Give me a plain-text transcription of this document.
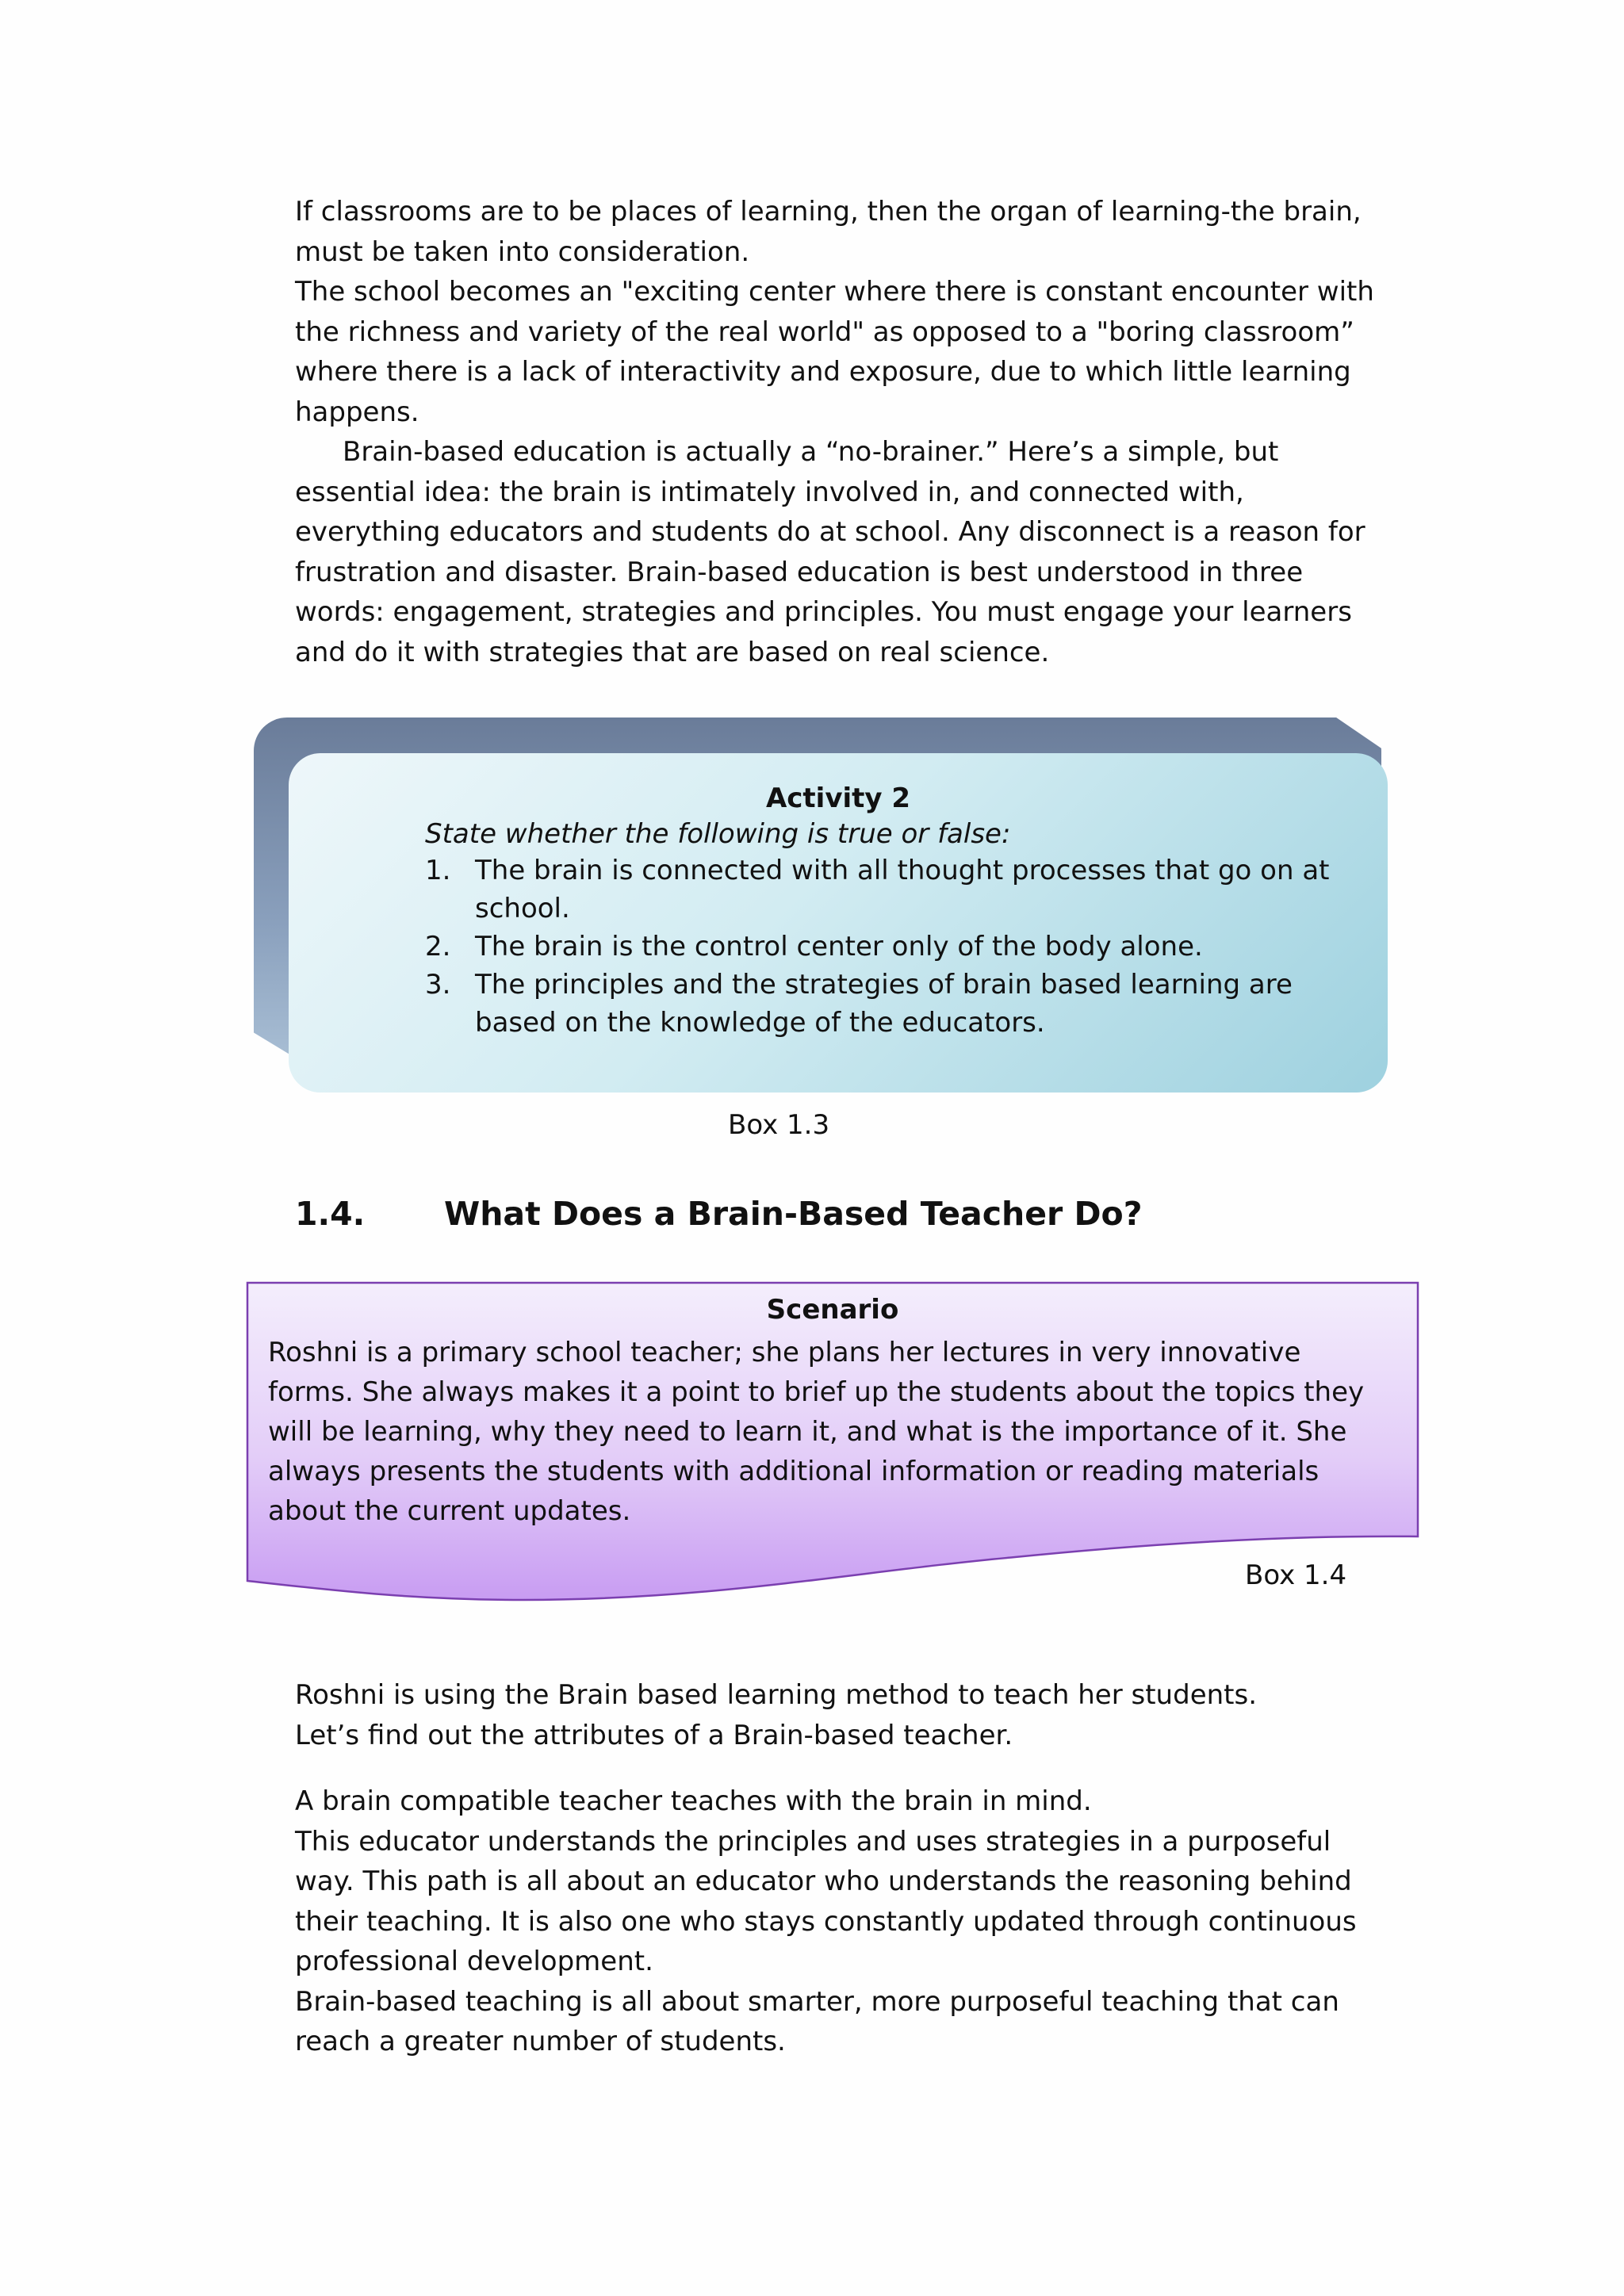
If classrooms are to be places of learning, then the organ of learning-the brain, must be taken into consideration.

The school becomes an "exciting center where there is constant encounter with the richness and variety of the real world" as opposed to a "boring classroom” where there is a lack of interactivity and exposure, due to which little learning happens.

Brain-based education is actually a “no-brainer.” Here’s a simple, but essential idea: the brain is intimately involved in, and connected with, everything educators and students do at school. Any disconnect is a reason for frustration and disaster. Brain-based education is best understood in three words: engagement, strategies and principles. You must engage your learners and do it with strategies that are based on real science.

Activity 2
State whether the following is true or false:
1. The brain is connected with all thought processes that go on at school.
2. The brain is the control center only of the body alone.
3. The principles and the strategies of brain based learning are based on the knowledge of the educators.
Box 1.3
1.4. What Does a Brain-Based Teacher Do?
Scenario

Roshni is a primary school teacher; she plans her lectures in very innovative forms. She always makes it a point to brief up the students about the topics they will be learning, why they need to learn it, and what is the importance of it. She always presents the students with additional information or reading materials about the current updates.

Box 1.4

Roshni is using the Brain based learning method to teach her students.

Let’s find out the attributes of a Brain-based teacher.

A brain compatible teacher teaches with the brain in mind.

This educator understands the principles and uses strategies in a purposeful way. This path is all about an educator who understands the reasoning behind their teaching. It is also one who stays constantly updated through continuous professional development.

Brain-based teaching is all about smarter, more purposeful teaching that can reach a greater number of students.
